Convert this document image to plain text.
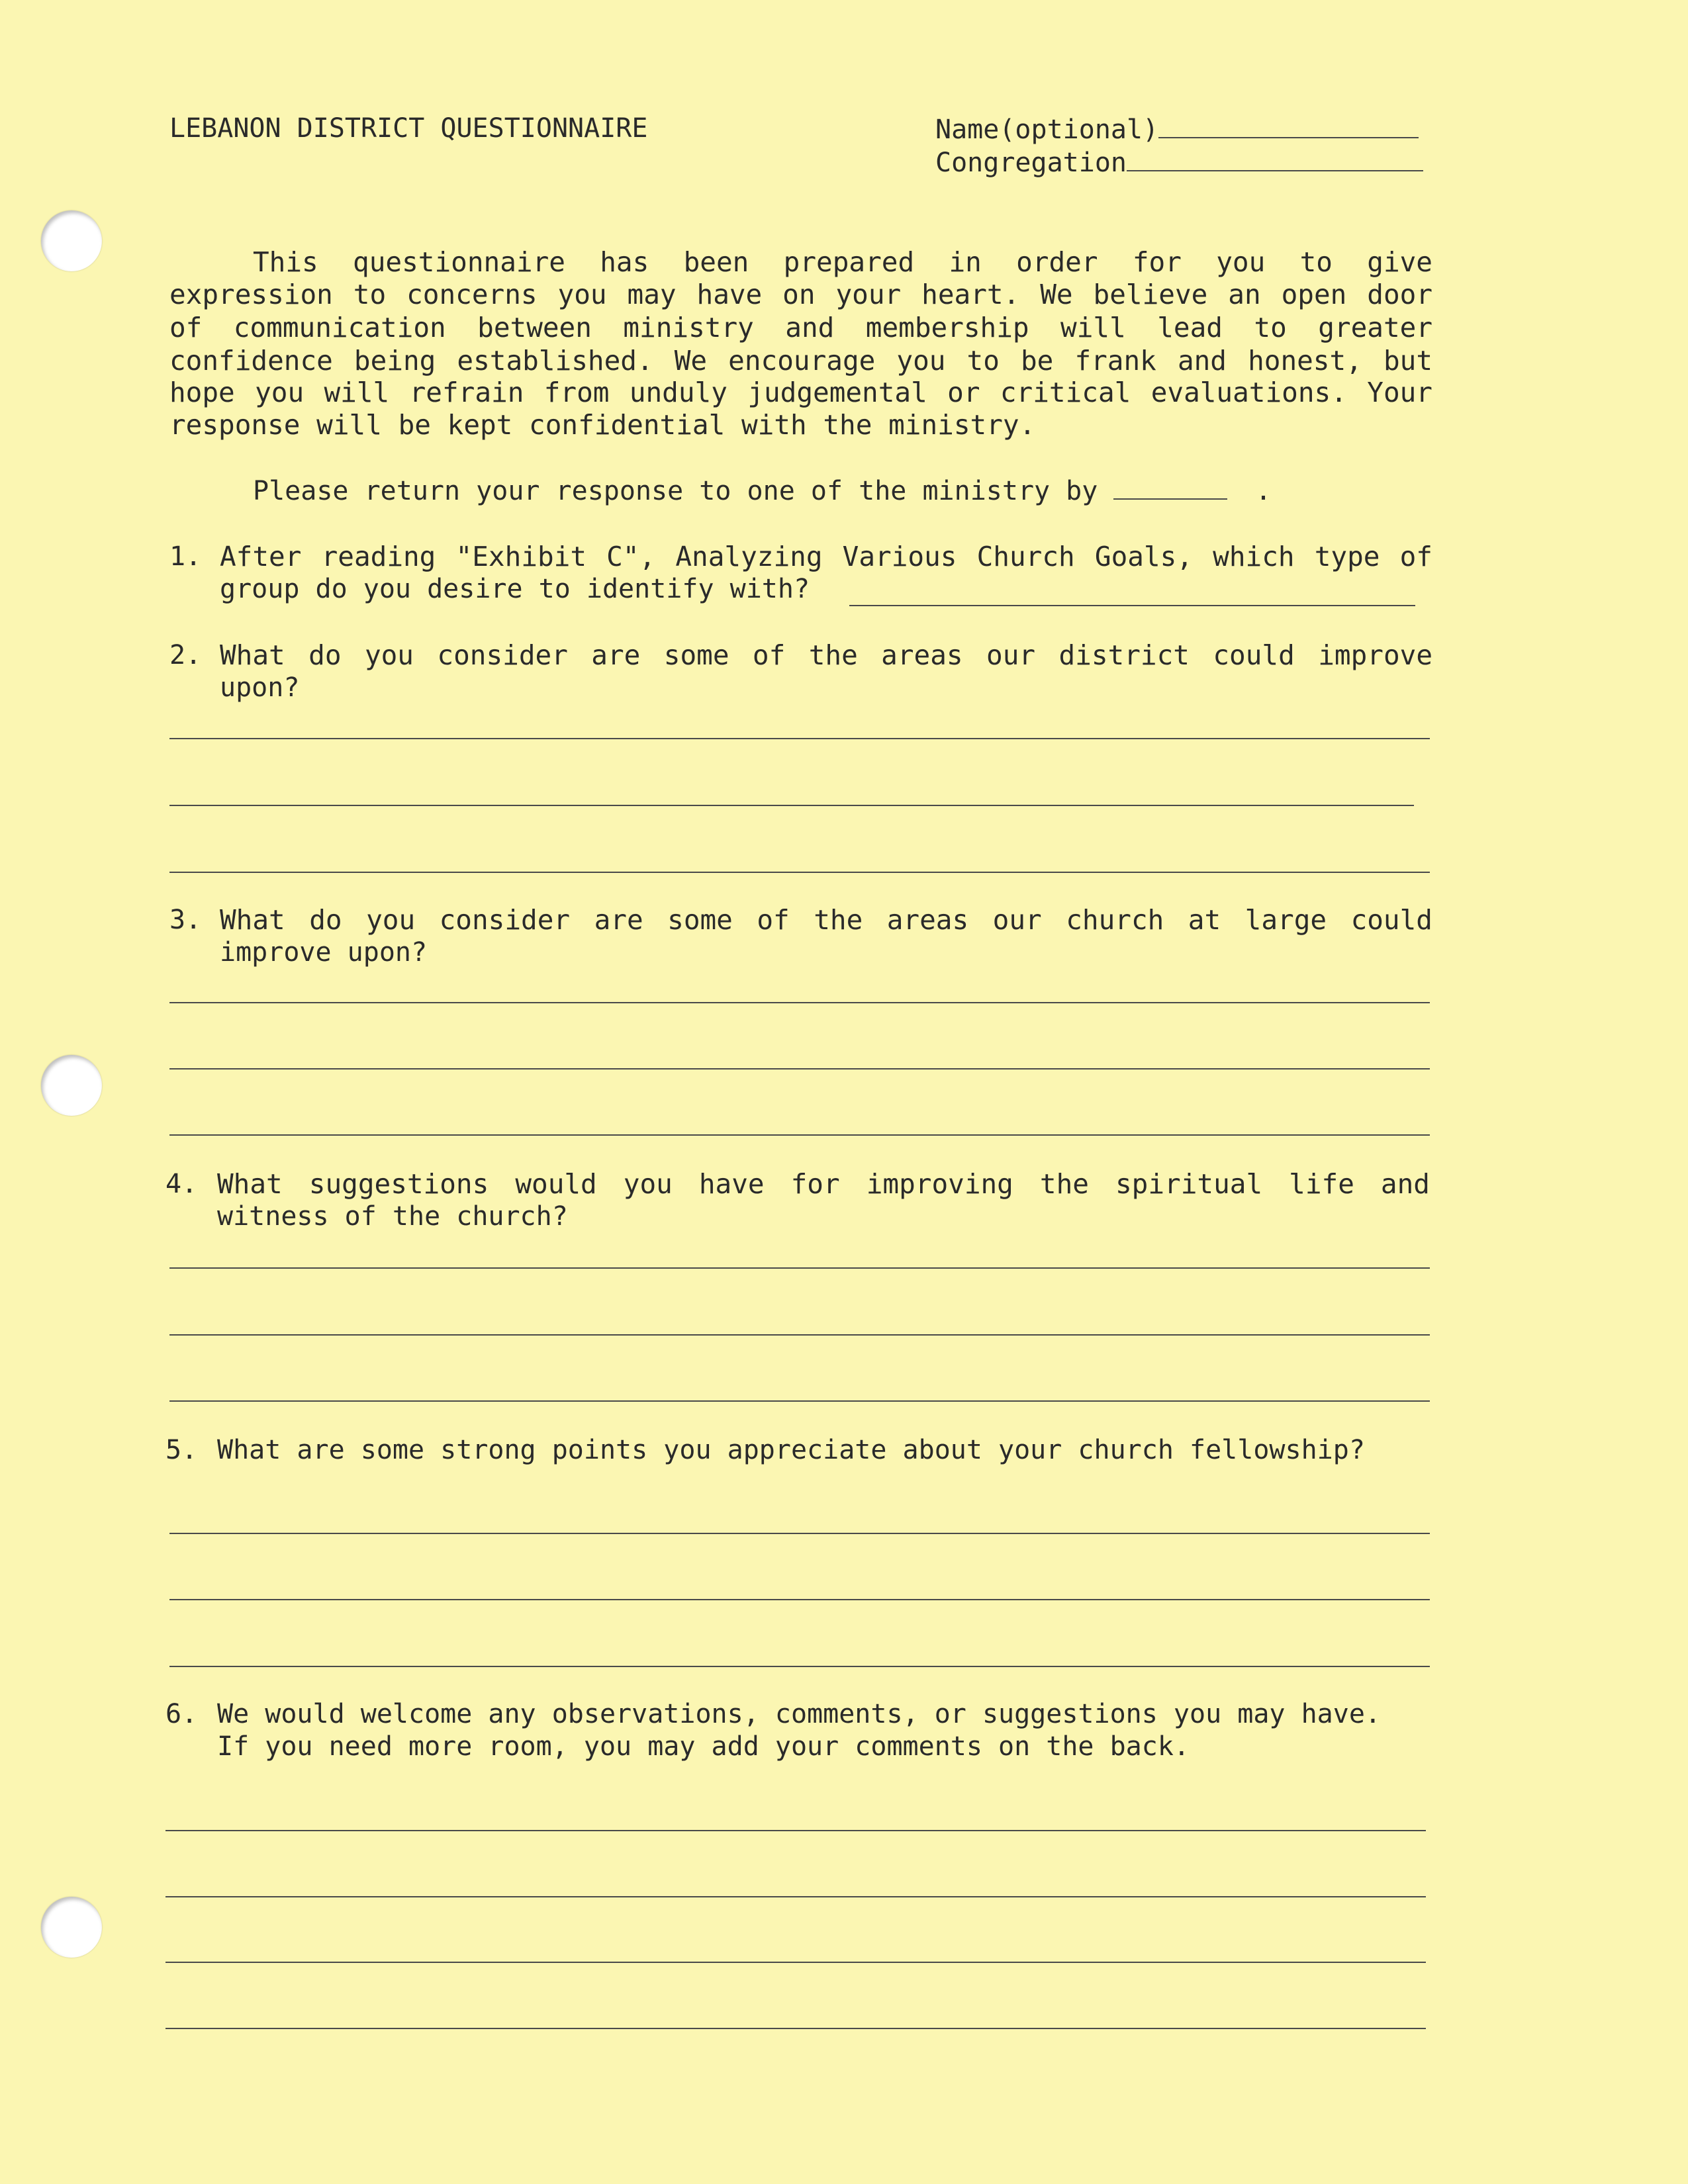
LEBANON DISTRICT QUESTIONNAIRE	Name(optional)
Congregation
This questionnaire has been prepared in order for you to give
expression to concerns you may have on your heart. We believe an open door
of communication between ministry and membership will lead to greater
confidence being established. We encourage you to be frank and honest, but
hope you will refrain from unduly judgemental or critical evaluations. Your
response will be kept confidential with the ministry.
Please return your response to one of the ministry by	.
1. After reading "Exhibit C", Analyzing Various Church Goals, which type of
group do you desire to identify with?
2. What do you consider are some of the areas our district could improve
upon?
3. What do you consider are some of the areas our church at large could
improve upon?
4. What suggestions would you have for improving the spiritual life and
witness of the church?
5. What are some strong points you appreciate about your church fellowship?
6. We would welcome any observations, comments, or suggestions you may have.
If you need more room, you may add your comments on the back.
